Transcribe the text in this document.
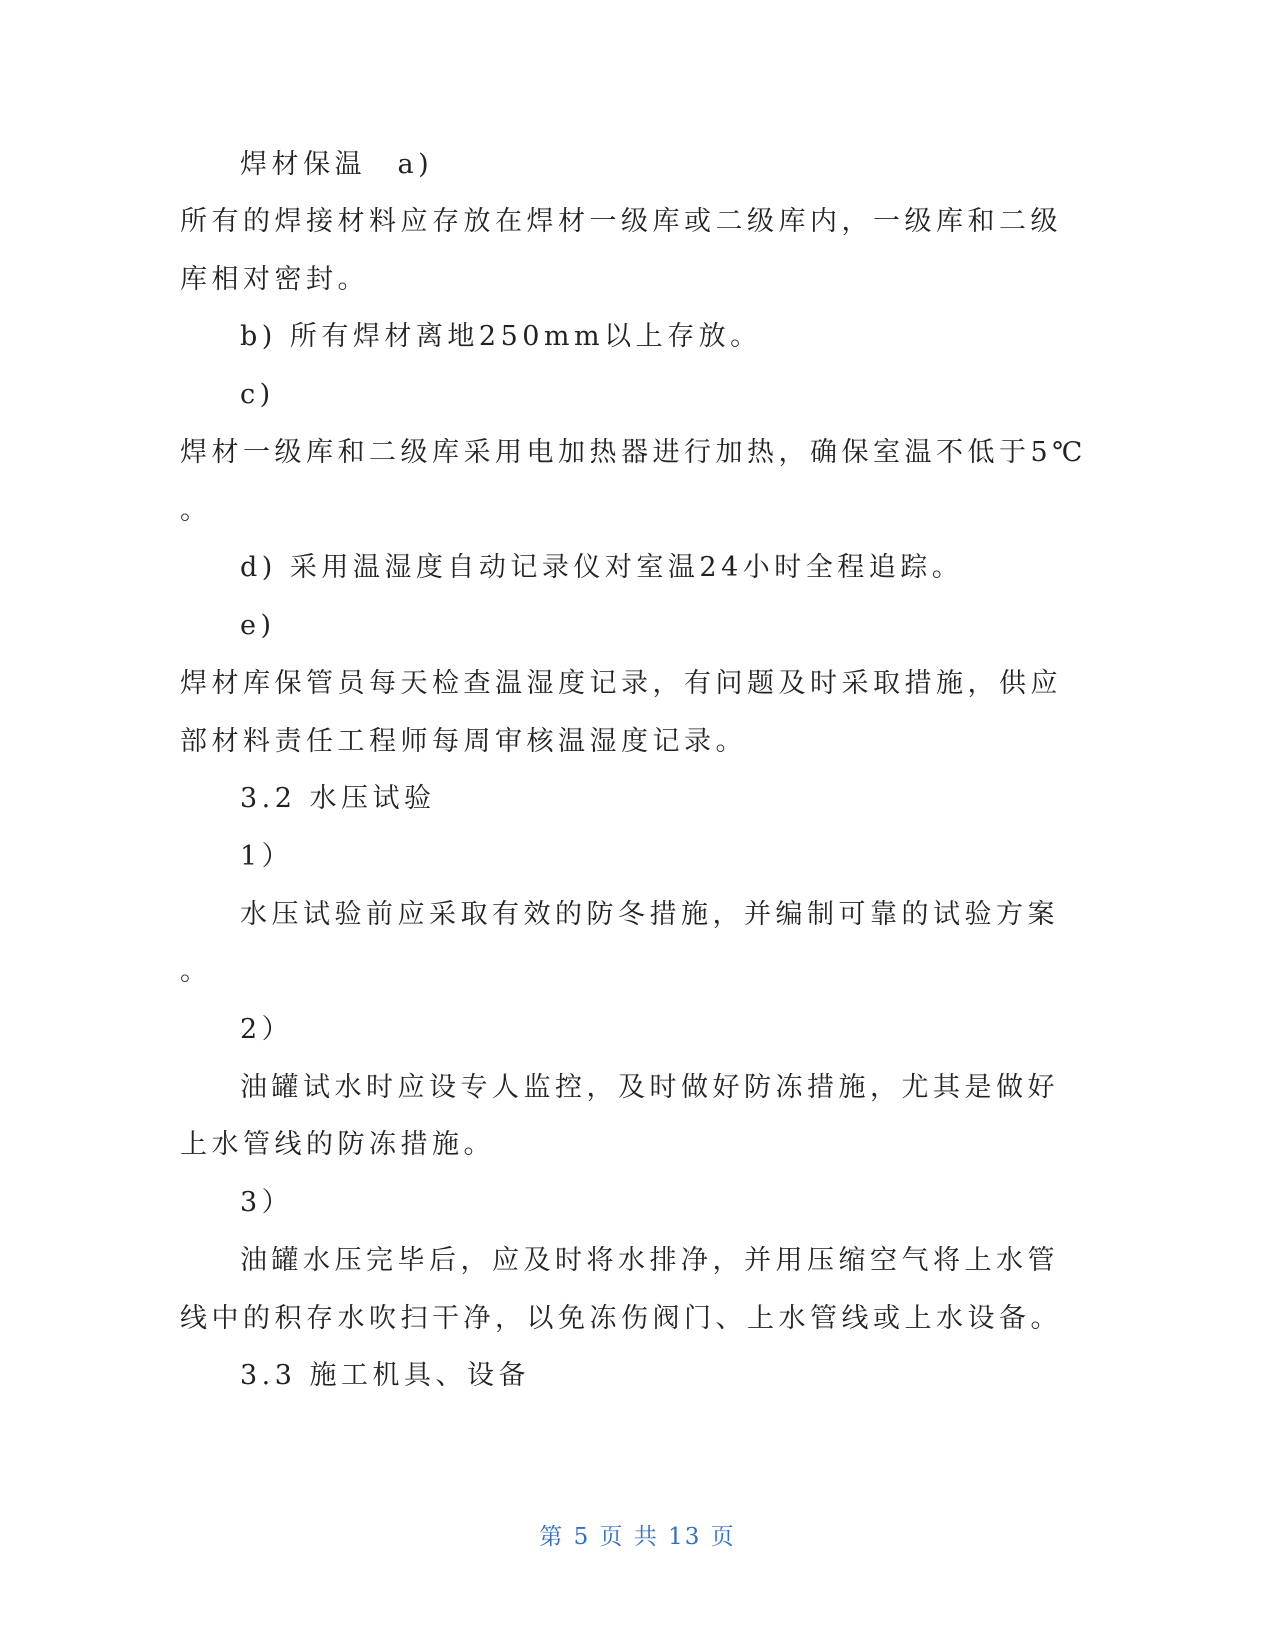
焊材保温　a)
所有的焊接材料应存放在焊材一级库或二级库内，一级库和二级
库相对密封。
b) 所有焊材离地250mm以上存放。
c)
焊材一级库和二级库采用电加热器进行加热，确保室温不低于5℃
。
d) 采用温湿度自动记录仪对室温24小时全程追踪。
e)
焊材库保管员每天检查温湿度记录，有问题及时采取措施，供应
部材料责任工程师每周审核温湿度记录。
3.2 水压试验
1）
水压试验前应采取有效的防冬措施，并编制可靠的试验方案
。
2）
油罐试水时应设专人监控，及时做好防冻措施，尤其是做好
上水管线的防冻措施。
3）
油罐水压完毕后，应及时将水排净，并用压缩空气将上水管
线中的积存水吹扫干净，以免冻伤阀门、上水管线或上水设备。
3.3 施工机具、设备
第 5 页 共 13 页
